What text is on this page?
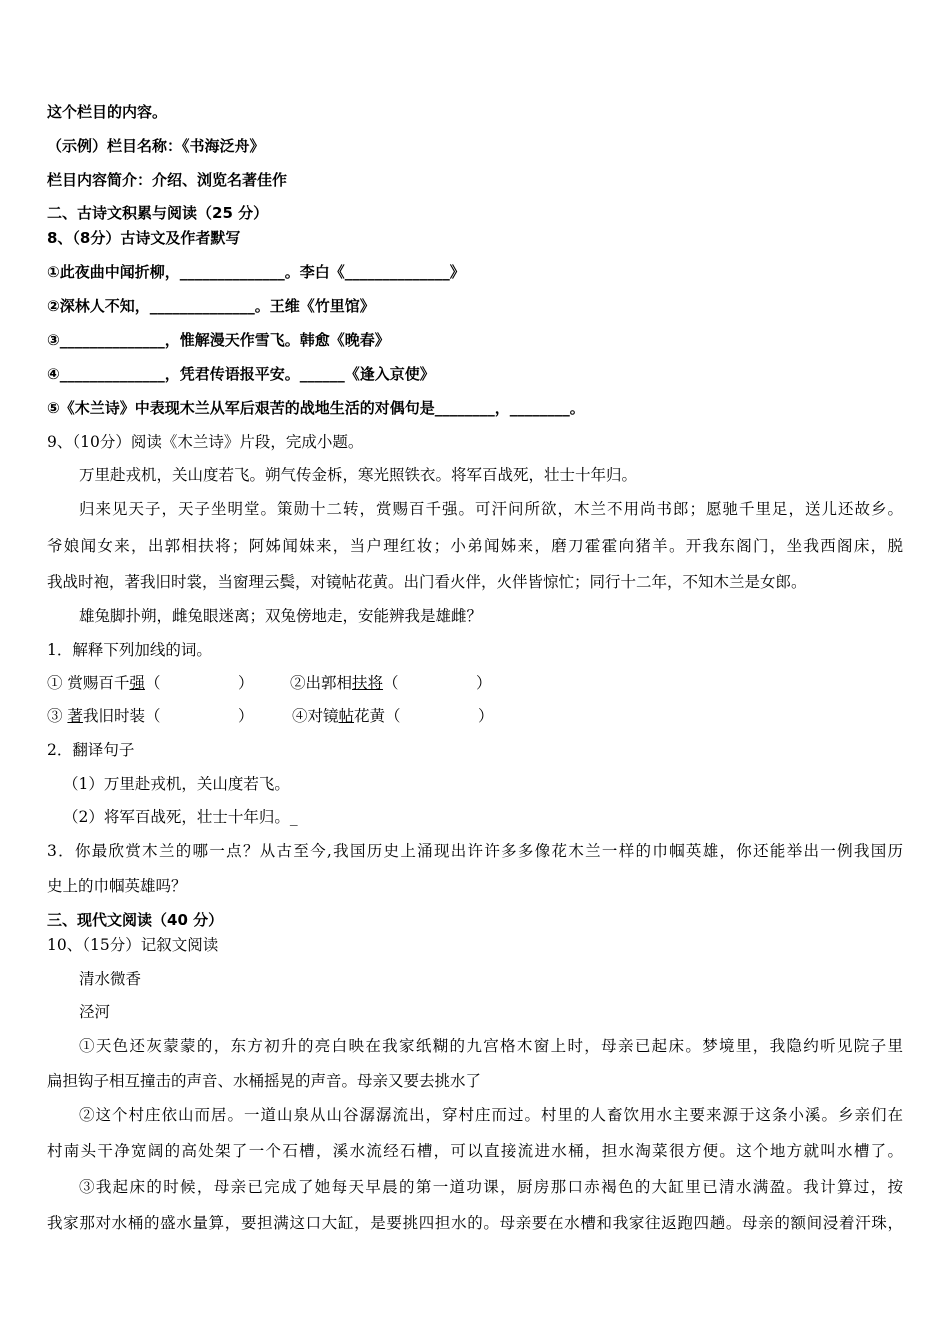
这个栏目的内容。
（示例）栏目名称：《书海泛舟》
栏目内容简介：介绍、浏览名著佳作
二、古诗文积累与阅读（25 分）
8、（8分）古诗文及作者默写
①此夜曲中闻折柳，______________。李白《______________》
②深林人不知，______________。王维《竹里馆》
③______________，惟解漫天作雪飞。韩愈《晚春》
④______________，凭君传语报平安。______《逢入京使》
⑤《木兰诗》中表现木兰从军后艰苦的战地生活的对偶句是________，________。
9、（10分）阅读《木兰诗》片段，完成小题。
万里赴戎机，关山度若飞。朔气传金柝，寒光照铁衣。将军百战死，壮士十年归。
归来见天子，天子坐明堂。策勋十二转，赏赐百千强。可汗问所欲，木兰不用尚书郎；愿驰千里足，送儿还故乡。
爷娘闻女来，出郭相扶将；阿姊闻妹来，当户理红妆；小弟闻姊来，磨刀霍霍向猪羊。开我东阁门，坐我西阁床，脱
我战时袍，著我旧时裳，当窗理云鬓，对镜帖花黄。出门看火伴，火伴皆惊忙；同行十二年，不知木兰是女郎。
雄兔脚扑朔，雌兔眼迷离；双兔傍地走，安能辨我是雄雌？
1．解释下列加线的词。
① 赏赐百千强（　　　　　） ②出郭相扶将（　　　　　）
③ 著我旧时装（　　　　　） ④对镜帖花黄（　　　　　）
2．翻译句子
（1）万里赴戎机，关山度若飞。
（2）将军百战死，壮士十年归。_
3．你最欣赏木兰的哪一点？从古至今,我国历史上涌现出许许多多像花木兰一样的巾帼英雄，你还能举出一例我国历
史上的巾帼英雄吗？
三、现代文阅读（40 分）
10、（15分）记叙文阅读
清水微香
泾河
①天色还灰蒙蒙的，东方初升的亮白映在我家纸糊的九宫格木窗上时，母亲已起床。梦境里，我隐约听见院子里
扁担钩子相互撞击的声音、水桶摇晃的声音。母亲又要去挑水了
②这个村庄依山而居。一道山泉从山谷潺潺流出，穿村庄而过。村里的人畜饮用水主要来源于这条小溪。乡亲们在
村南头干净宽阔的高处架了一个石槽，溪水流经石槽，可以直接流进水桶，担水淘菜很方便。这个地方就叫水槽了。
③我起床的时候，母亲已完成了她每天早晨的第一道功课，厨房那口赤褐色的大缸里已清水满盈。我计算过，按
我家那对水桶的盛水量算，要担满这口大缸，是要挑四担水的。母亲要在水槽和我家往返跑四趟。母亲的额间浸着汗珠，
